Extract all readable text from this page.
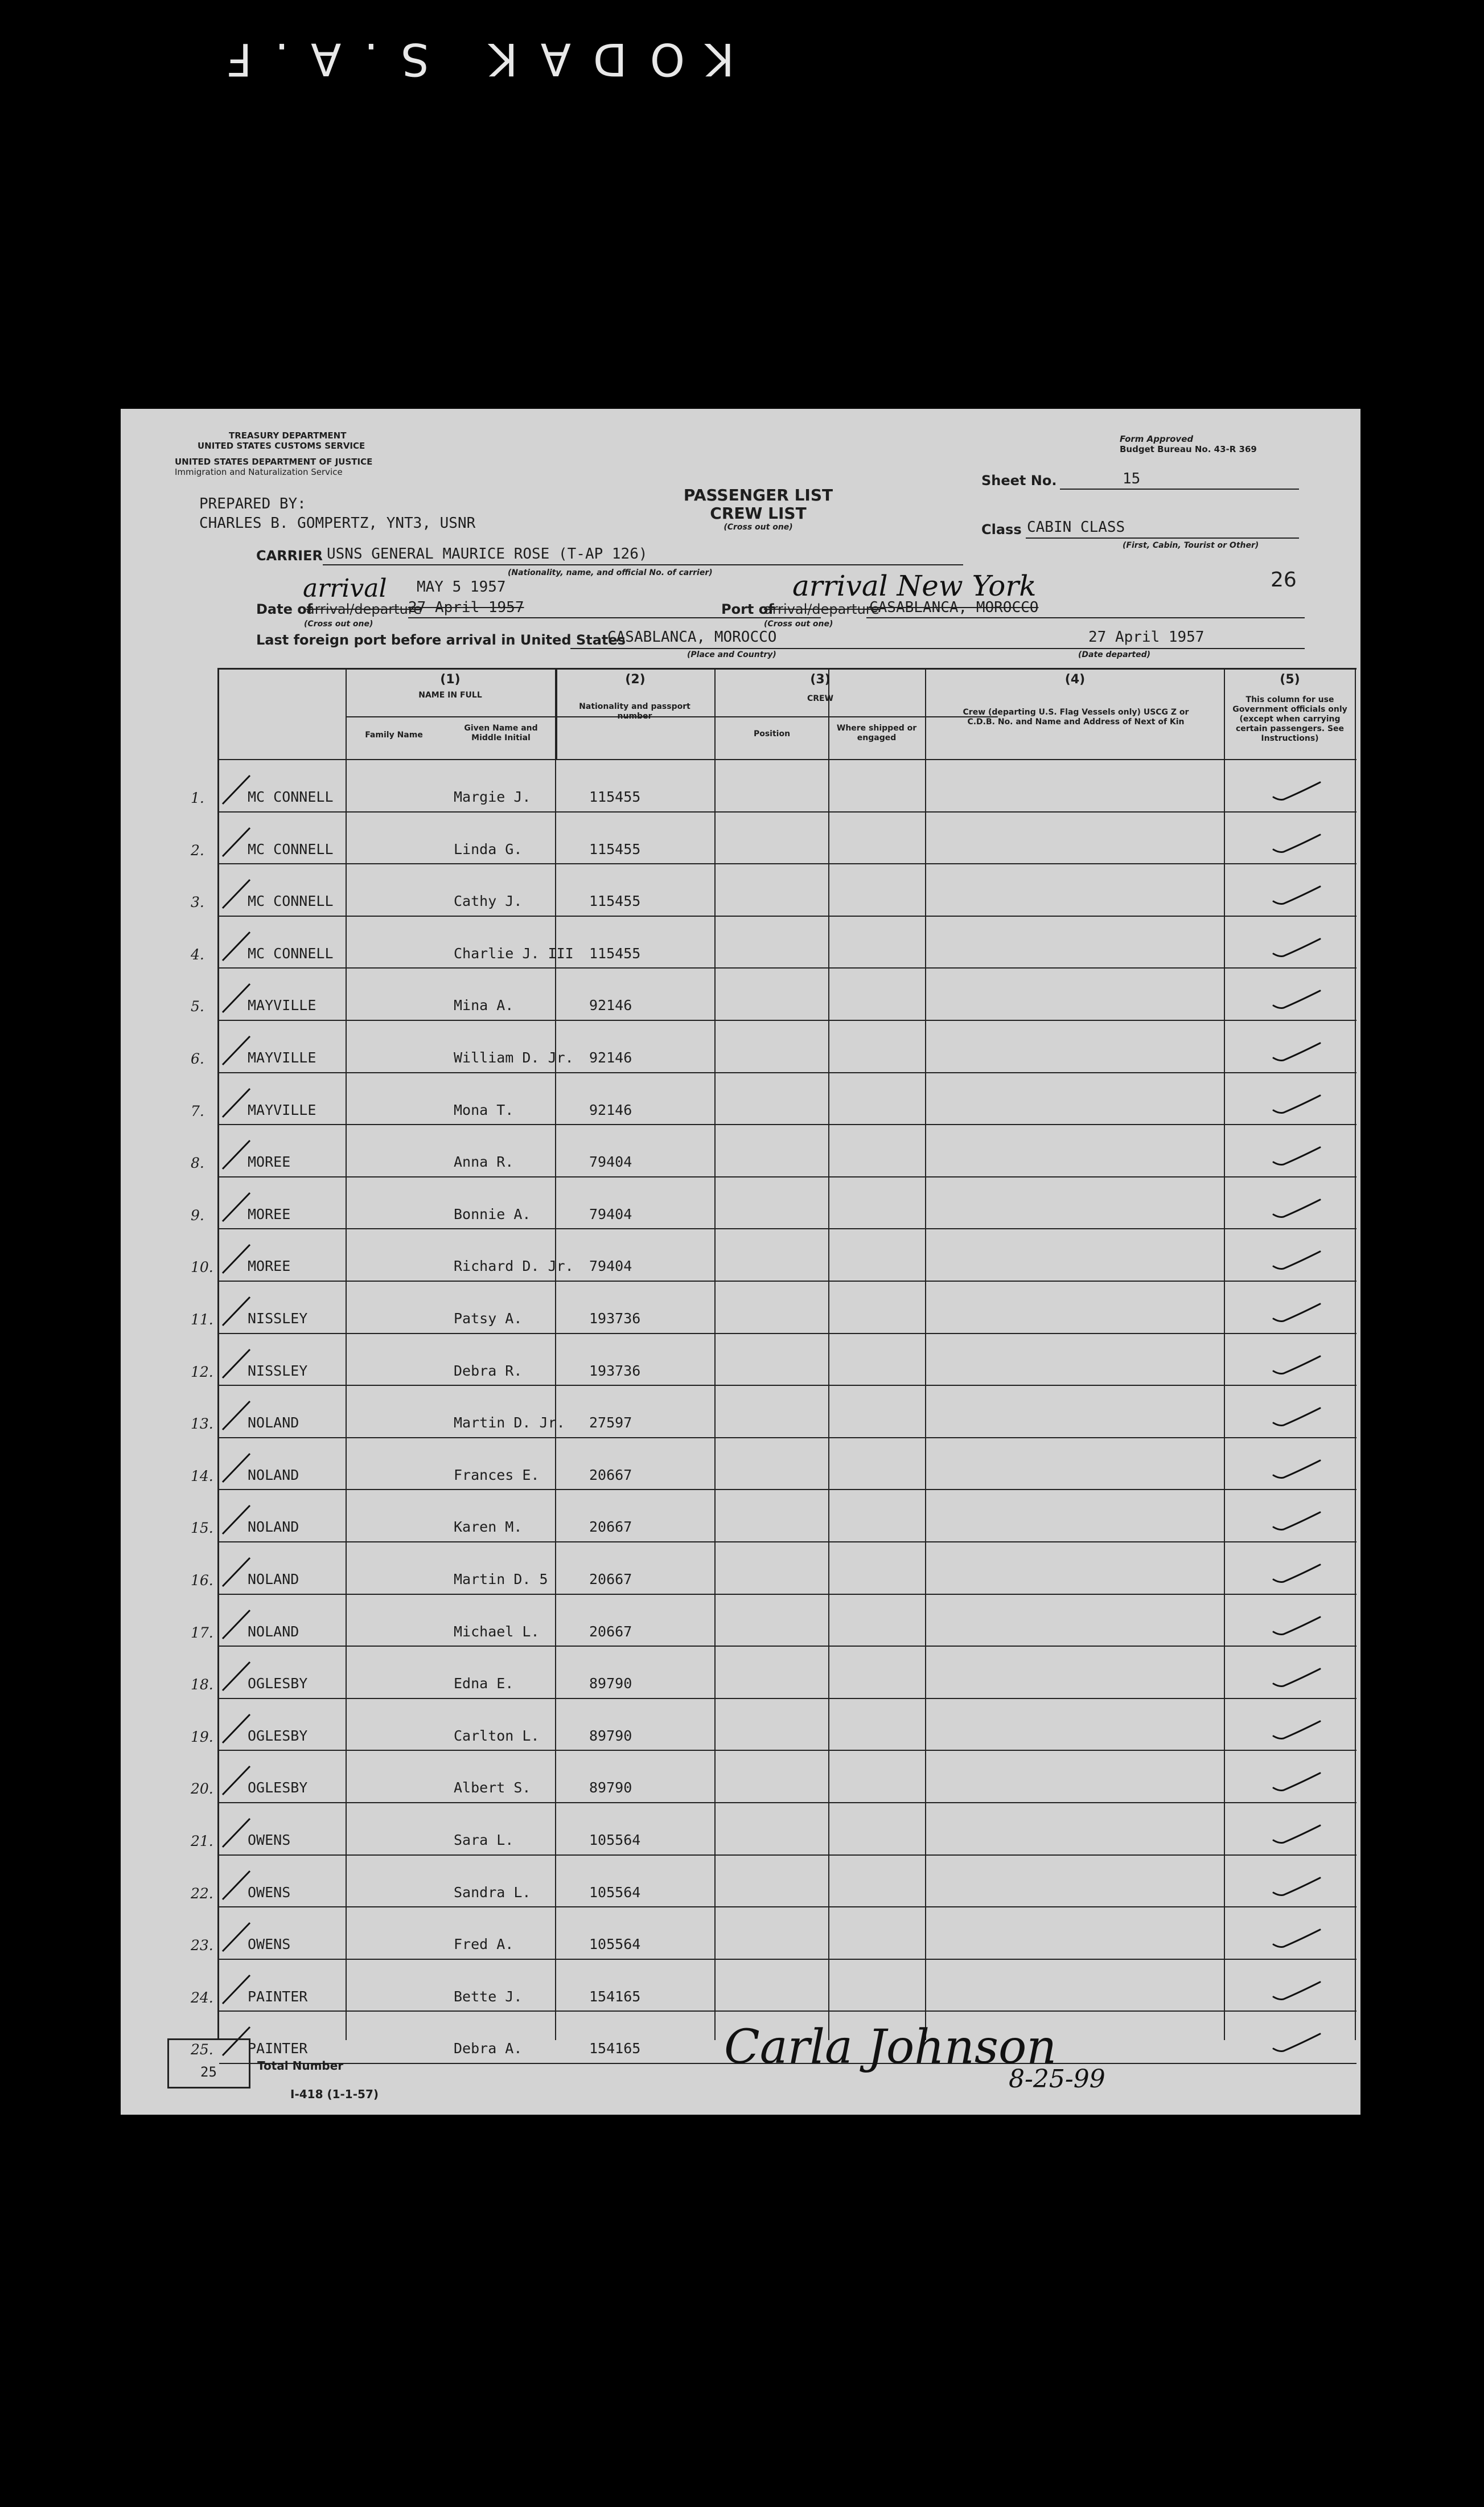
KODAK S.A.F
TREASURY DEPARTMENT
UNITED STATES CUSTOMS SERVICE
UNITED STATES DEPARTMENT OF JUSTICE
Immigration and Naturalization Service
Form Approved
Budget Bureau No. 43-R 369
PREPARED BY:
CHARLES B. GOMPERTZ, YNT3, USNR
PASSENGER LIST
CREW LIST
(Cross out one)
Sheet No.	15
Class CABIN CLASS
(First, Cabin, Tourist or Other)
CARRIER USNS GENERAL MAURICE ROSE (T-AP 126)
(Nationality, name, and official No. of carrier)	26
arrival MAY 5 1957
Date of
arrival/departure
27 April 1957
(Cross out one)
Port of
arrival/departure
arrival New York
CASABLANCA, MOROCCO
(Cross out one)
Last foreign port before arrival in United States
CASABLANCA, MOROCCO
(Place and Country)
27 April 1957
(Date departed)
(1)
NAME IN FULL
Family Name
Given Name and Middle Initial
(2)
Nationality and passport number
(3)
CREW
Position
Where shipped or engaged
(4)
Crew (departing U.S. Flag Vessels only) USCG Z or C.D.B. No. and Name and Address of Next of Kin
(5)
This column for use Government officials only (except when carrying certain passengers. See Instructions)
1.	MC CONNELL	Margie J.	115455
2.	MC CONNELL	Linda G.	115455
3.	MC CONNELL	Cathy J.	115455
4.	MC CONNELL	Charlie J. III 115455
5.	MAYVILLE	Mina A.	92146
6.	MAYVILLE	William D. Jr. 92146
7.	MAYVILLE	Mona T.	92146
8.	MOREE	Anna R.	79404
9.	MOREE	Bonnie A.	79404
10. MOREE	Richard D. Jr. 79404
11. NISSLEY	Patsy A.	193736
12. NISSLEY	Debra R.	193736
13. NOLAND	Martin D. Jr. 27597
14. NOLAND	Frances E.	20667
15. NOLAND	Karen M.	20667
16. NOLAND	Martin D. 5	20667
17. NOLAND	Michael L.	20667
18. OGLESBY	Edna E.	89790
19. OGLESBY	Carlton L.	89790
20. OGLESBY	Albert S.	89790
21. OWENS	Sara L.	105564
22. OWENS	Sandra L.	105564
23. OWENS	Fred A.	105564
24. PAINTER	Bette J.	154165
25. PAINTER	Debra A.	154165
25	Total Number
I-418 (1-1-57)
Carla Johnson
8-25-99
